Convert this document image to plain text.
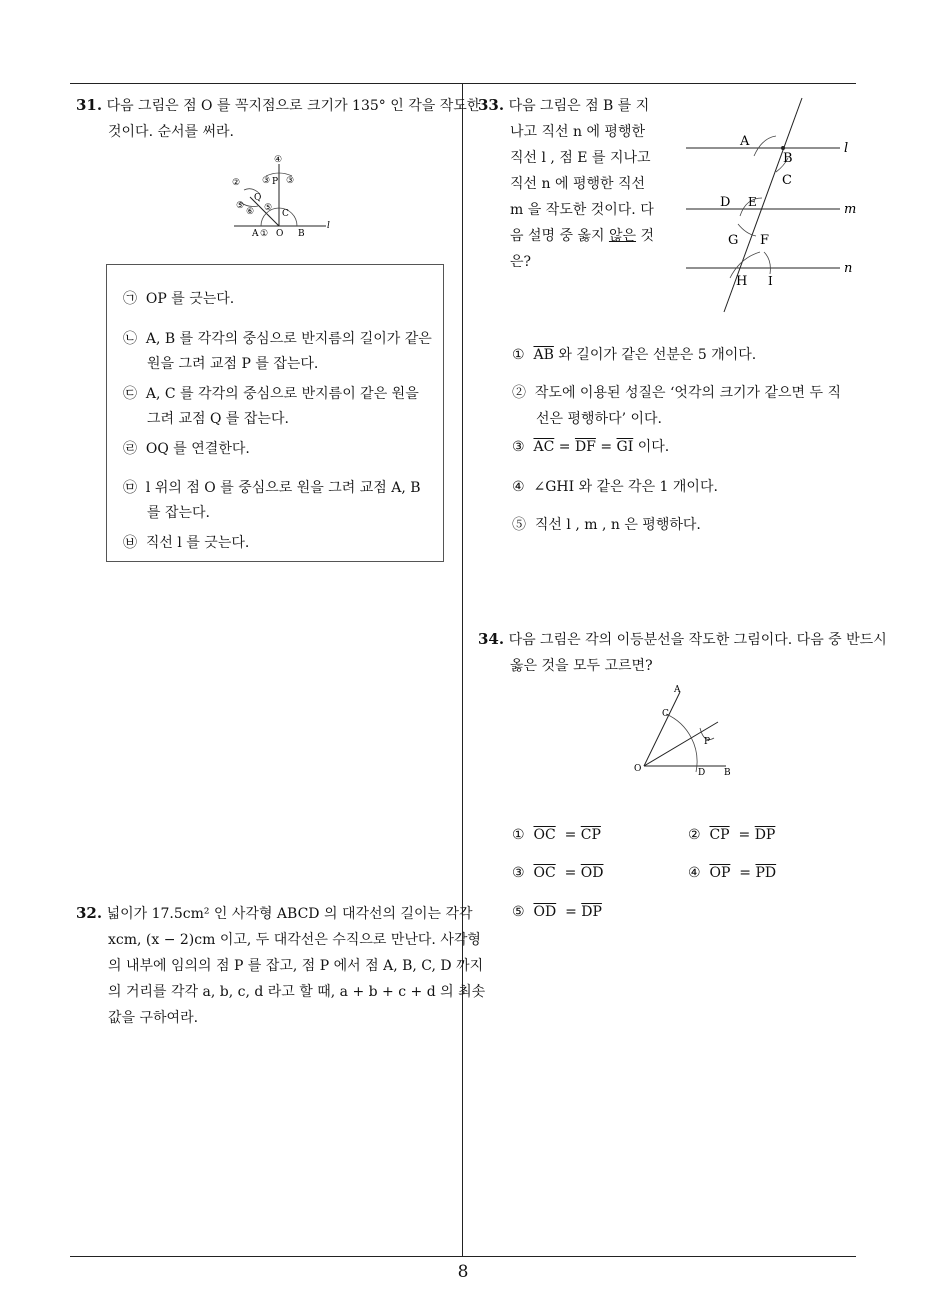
31. 다음 그림은 점 O 를 꼭지점으로 크기가 135° 인 각을 작도한 것이다. 순서를 써라.
④
② ③ P ③
Q
⑤
⑥ ⑤
C
A ① O B
l
㉠ OP 를 긋는다.
㉡ A, B 를 각각의 중심으로 반지름의 길이가 같은 원을 그려 교점 P 를 잡는다.
㉢ A, C 를 각각의 중심으로 반지름이 같은 원을 그려 교점 Q 를 잡는다.
㉣ OQ 를 연결한다.
㉤ l 위의 점 O 를 중심으로 원을 그려 교점 A, B 를 잡는다.
㉥ 직선 l 를 긋는다.
32. 넓이가 17.5cm² 인 사각형 ABCD 의 대각선의 길이는 각각 xcm, (x − 2)cm 이고, 두 대각선은 수직으로 만난다. 사각형의 내부에 임의의 점 P 를 잡고, 점 P 에서 점 A, B, C, D 까지의 거리를 각각 a, b, c, d 라고 할 때, a + b + c + d 의 최솟값을 구하여라.
33. 다음 그림은 점 B 를 지
나고 직선 n 에 평행한
직선 l , 점 E 를 지나고
직선 n 에 평행한 직선
m 을 작도한 것이다. 다
음 설명 중 옳지 않은 것
은?
A
B
C
D E
G F
H I
l
m
n
① $\overline{AB}$ 와 길이가 같은 선분은 5 개이다.
② 작도에 이용된 성질은 ‘엇각의 크기가 같으면 두 직선은 평행하다’ 이다.
③ $\overline{AC} = \overline{DF} = \overline{GI}$ 이다.
④ ∠GHI 와 같은 각은 1 개이다.
⑤ 직선 l , m , n 은 평행하다.
34. 다음 그림은 각의 이등분선을 작도한 그림이다. 다음 중 반드시 옳은 것을 모두 고르면?
A
C
P
O	D B
① $\overline{OC} = \overline{CP}$	② $\overline{CP} = \overline{DP}$
③ $\overline{OC} = \overline{OD}$	④ $\overline{OP} = \overline{PD}$
⑤ $\overline{OD} = \overline{DP}$
8
